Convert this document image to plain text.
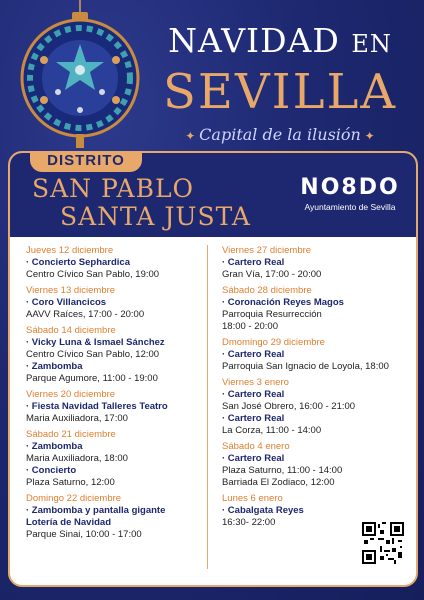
NAVIDAD EN
SEVILLA
✦ Capital de la ilusión ✦
DISTRITO
SAN PABLO
SANTA JUSTA
NO8DO
Ayuntamiento de Sevilla
Jueves 12 diciembre
· Concierto Sephardica
Centro Cívico San Pablo, 19:00
Viernes 13 diciembre
· Coro Villancicos
AAVV Raíces, 17:00 - 20:00
Sábado 14 diciembre
· Vicky Luna & Ismael Sánchez
Centro Cívico San Pablo, 12:00
· Zambomba
Parque Agumore, 11:00 - 19:00
Viernes 20 diciembre
· Fiesta Navidad Talleres Teatro
Maria Auxiliadora, 17:00
Sábado 21 diciembre
· Zambomba
Maria Auxiliadora, 18:00
· Concierto
Plaza Saturno, 12:00
Domingo 22 diciembre
· Zambomba y pantalla gigante
Lotería de Navidad
Parque Sinai, 10:00 - 17:00
Viernes 27 diciembre
· Cartero Real
Gran Vía, 17:00 - 20:00
Sábado 28 diciembre
· Coronación Reyes Magos
Parroquia Resurrección
18:00 - 20:00
Dmomingo 29 diciembre
· Cartero Real
Parroquia San Ignacio de Loyola, 18:00
Viernes 3 enero
· Cartero Real
San José Obrero, 16:00 - 21:00
· Cartero Real
La Corza, 11:00 - 14:00
Sábado 4 enero
· Cartero Real
Plaza Saturno, 11:00 - 14:00
Barriada El Zodiaco, 12:00
Lunes 6 enero
· Cabalgata Reyes
16:30- 22:00
